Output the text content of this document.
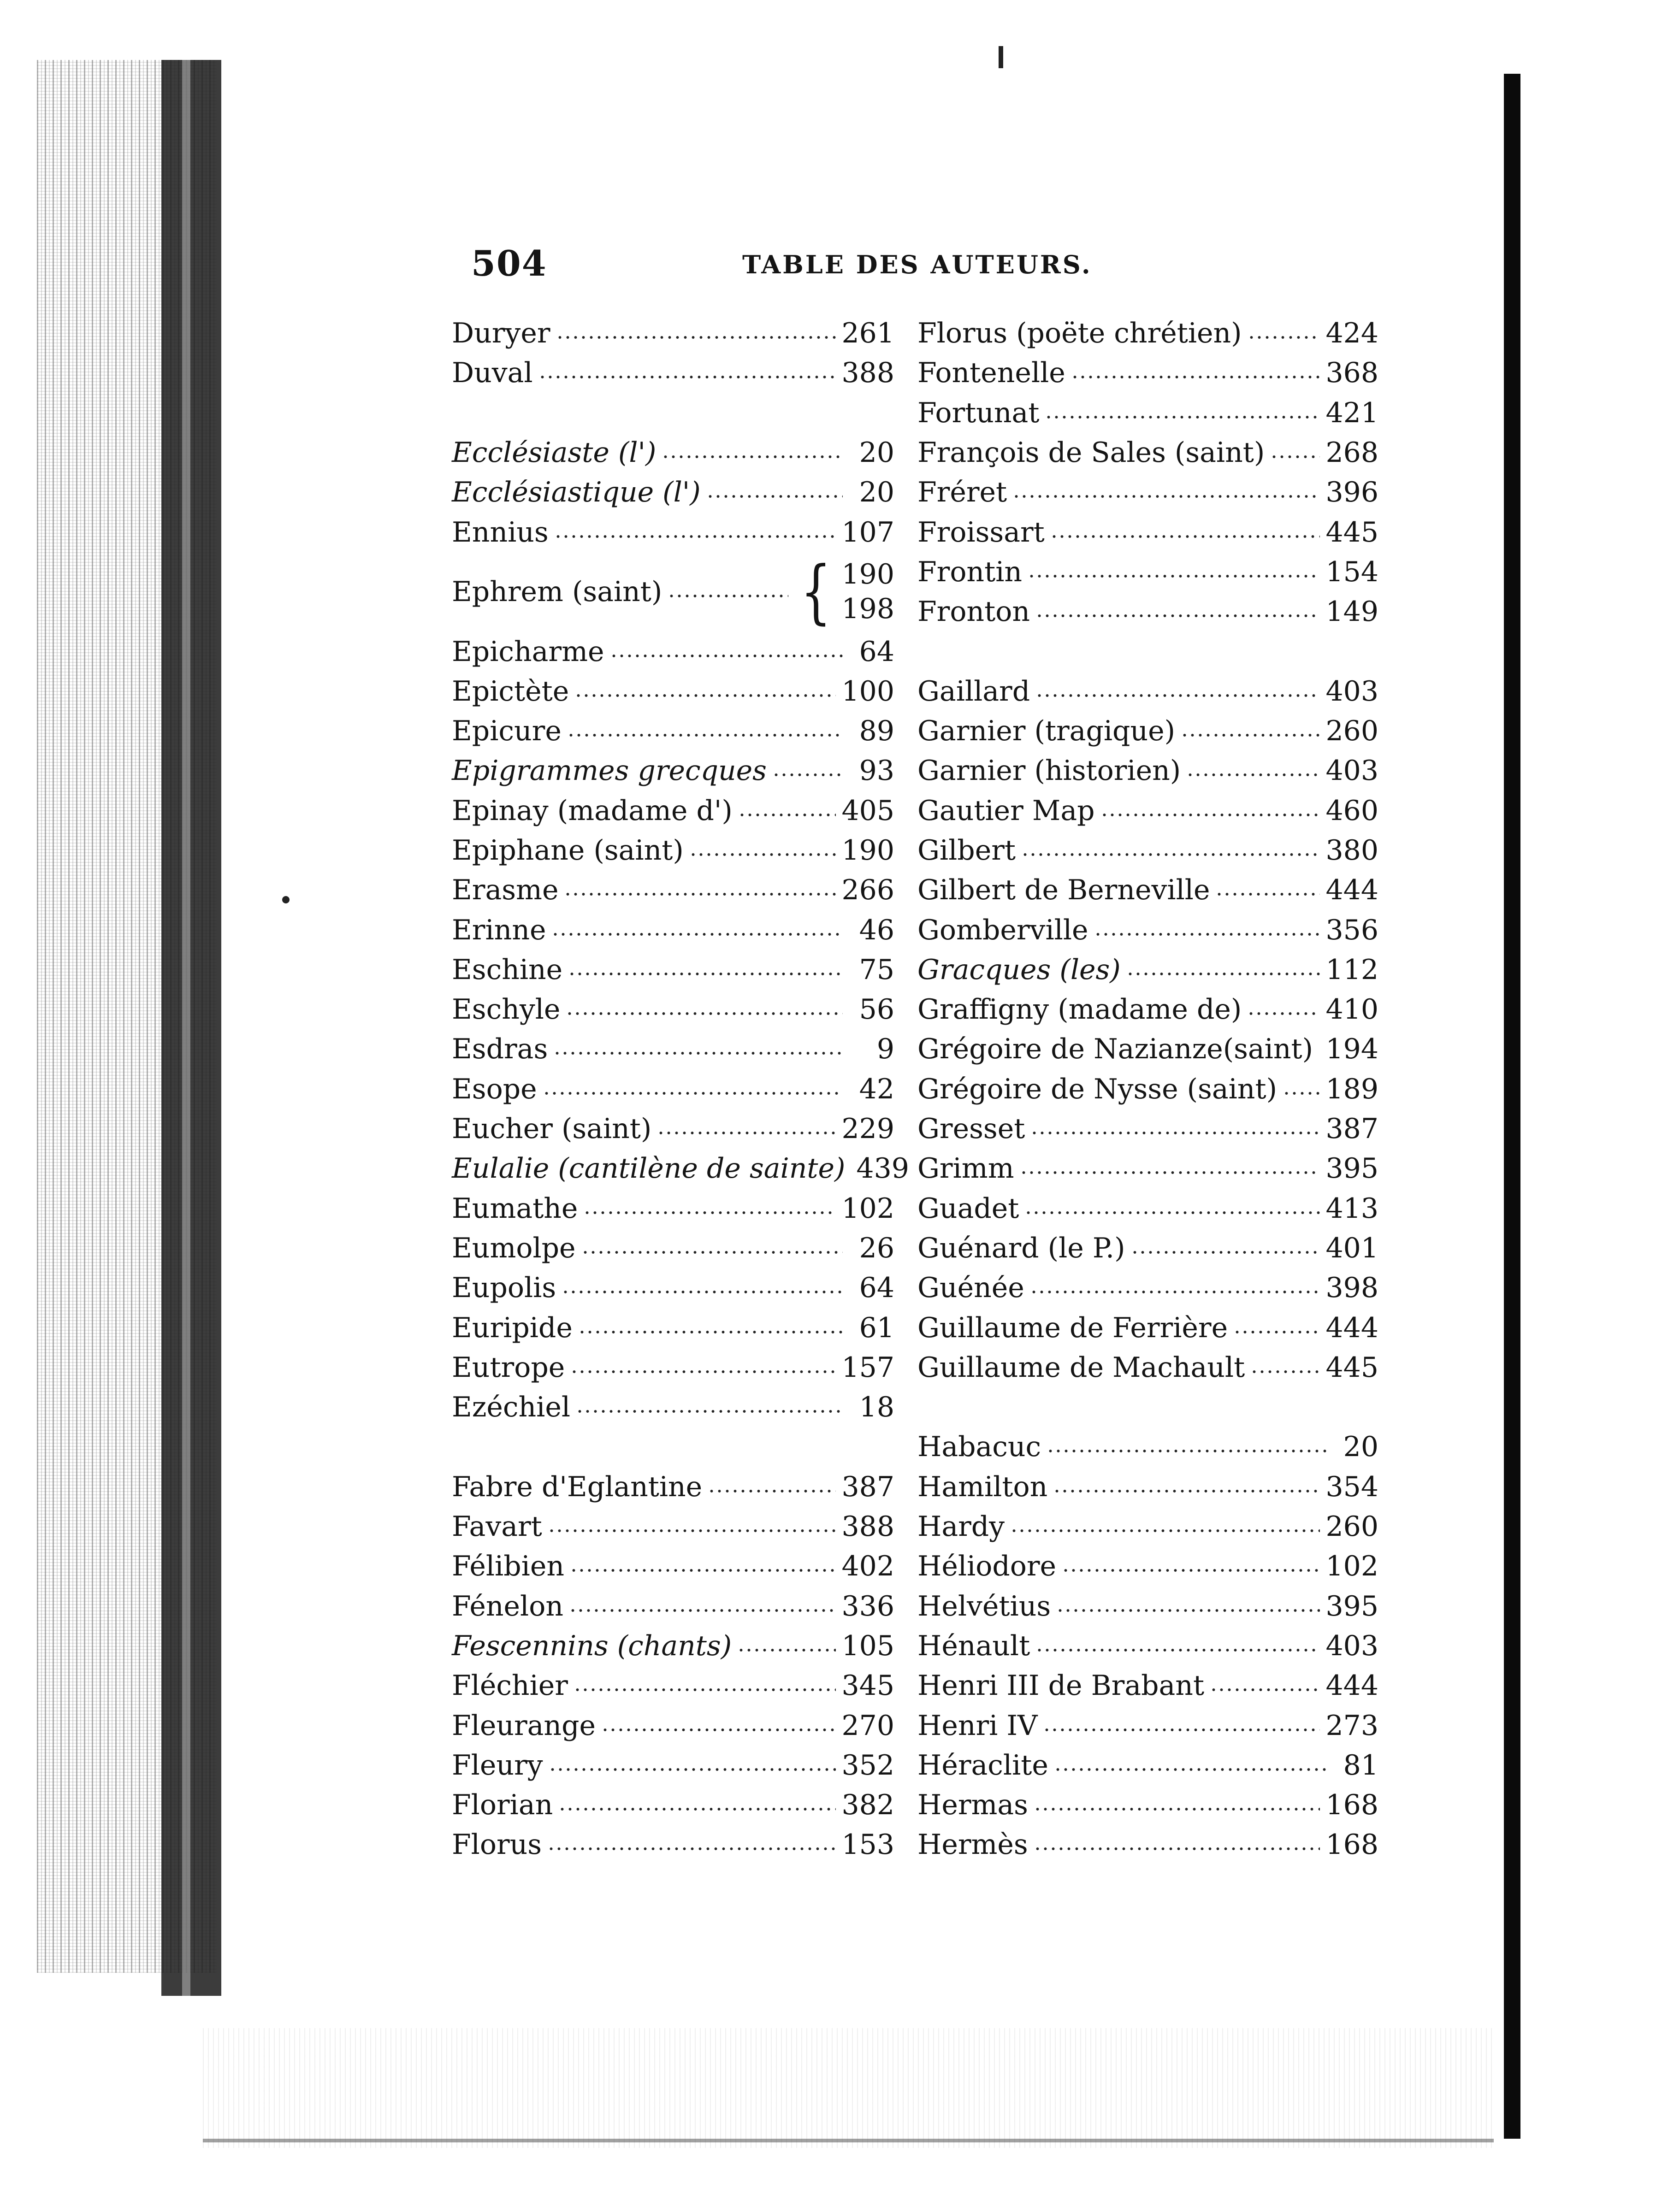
504	TABLE DES AUTEURS.
Duryer	261
Duval	388
Ecclésiaste (l')	20
Ecclésiastique (l')	20
Ennius	107
Ephrem (saint) { 190
198
Epicharme	64
Epictète	100
Epicure	89
Epigrammes grecques	93
Epinay (madame d')	405
Epiphane (saint)	190
Erasme	266
Erinne	46
Eschine	75
Eschyle	56
Esdras	9
Esope	42
Eucher (saint)	229
Eulalie (cantilène de sainte) 439
Eumathe	102
Eumolpe	26
Eupolis	64
Euripide	61
Eutrope	157
Ezéchiel	18
Fabre d'Eglantine	387
Favart	388
Félibien	402
Fénelon	336
Fescennins (chants)	105
Fléchier	345
Fleurange	270
Fleury	352
Florian	382
Florus	153
Florus (poëte chrétien)	424
Fontenelle	368
Fortunat	421
François de Sales (saint) 268
Fréret	396
Froissart	445
Frontin	154
Fronton	149
Gaillard	403
Garnier (tragique)	260
Garnier (historien)	403
Gautier Map	460
Gilbert	380
Gilbert de Berneville	444
Gomberville	356
Gracques (les)	112
Graffigny (madame de)	410
Grégoire de Nazianze(saint) 194
Grégoire de Nysse (saint) 189
Gresset	387
Grimm	395
Guadet	413
Guénard (le P.)	401
Guénée	398
Guillaume de Ferrière	444
Guillaume de Machault	445
Habacuc	20
Hamilton	354
Hardy	260
Héliodore	102
Helvétius	395
Hénault	403
Henri III de Brabant	444
Henri IV	273
Héraclite	81
Hermas	168
Hermès	168
